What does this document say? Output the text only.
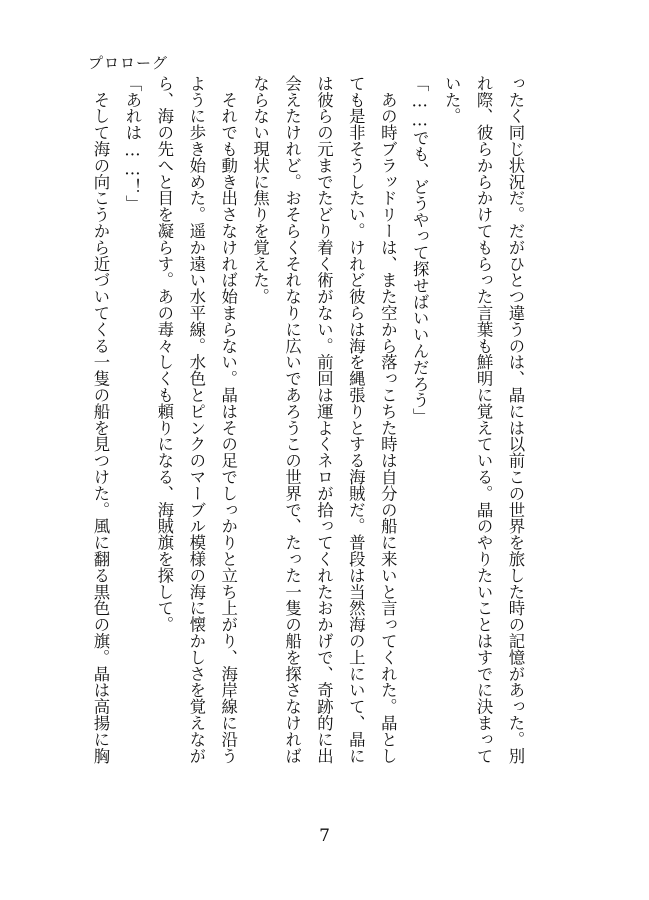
プロローグ
ったく同じ状況だ。だがひとつ違うのは、晶には以前この世界を旅した時の記憶があった。別
れ際、彼らからかけてもらった言葉も鮮明に覚えている。晶のやりたいことはすでに決まって
いた。
「……でも、どうやって探せばいいんだろう」
　あの時ブラッドリーは、また空から落っこちた時は自分の船に来いと言ってくれた。晶とし
ても是非そうしたい。けれど彼らは海を縄張りとする海賊だ。普段は当然海の上にいて、晶に
は彼らの元までたどり着く術がない。前回は運よくネロが拾ってくれたおかげで、奇跡的に出
会えたけれど。おそらくそれなりに広いであろうこの世界で、たった一隻の船を探さなければ
ならない現状に焦りを覚えた。
　それでも動き出さなければ始まらない。晶はその足でしっかりと立ち上がり、海岸線に沿う
ように歩き始めた。遥か遠い水平線。水色とピンクのマーブル模様の海に懐かしさを覚えなが
ら、海の先へと目を凝らす。あの毒々しくも頼りになる、海賊旗を探して。
「あれは……！」
　そして海の向こうから近づいてくる一隻の船を見つけた。風に翻る黒色の旗。晶は高揚に胸
7
